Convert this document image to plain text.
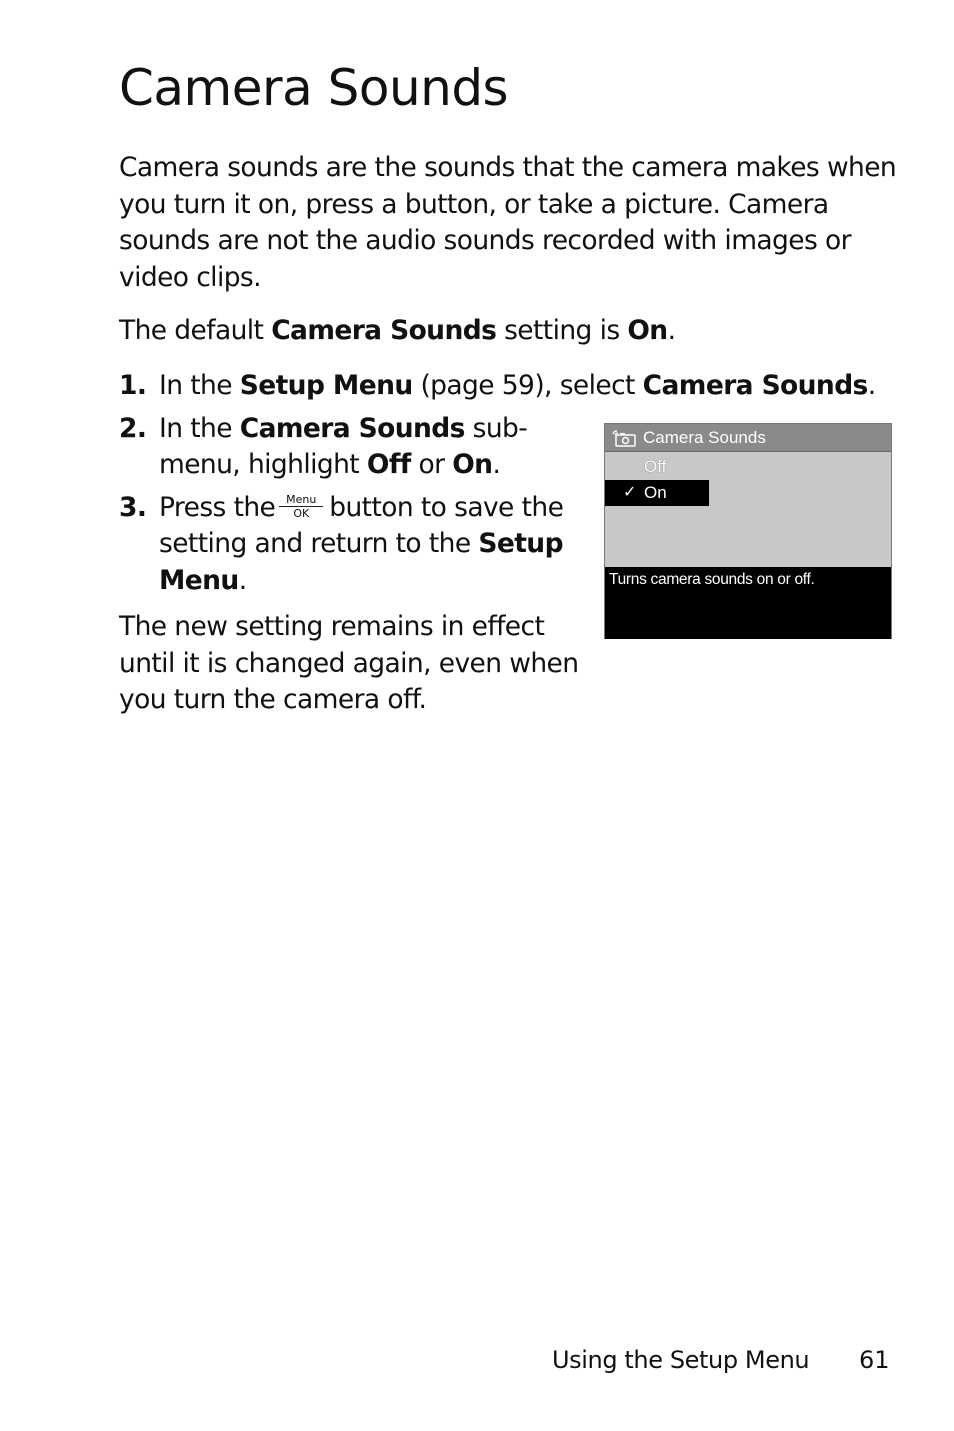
Camera Sounds

Camera sounds are the sounds that the camera makes when you turn it on, press a button, or take a picture. Camera sounds are not the audio sounds recorded with images or video clips.

The default Camera Sounds setting is On.

1. In the Setup Menu (page 59), select Camera Sounds.
2. In the Camera Sounds sub-menu, highlight Off or On.
3. Press the Menu
OK button to save the setting and return to the Setup Menu.

The new setting remains in effect until it is changed again, even when you turn the camera off.

Camera Sounds
Off
✓ On
Turns camera sounds on or off.
Using the Setup Menu 61
